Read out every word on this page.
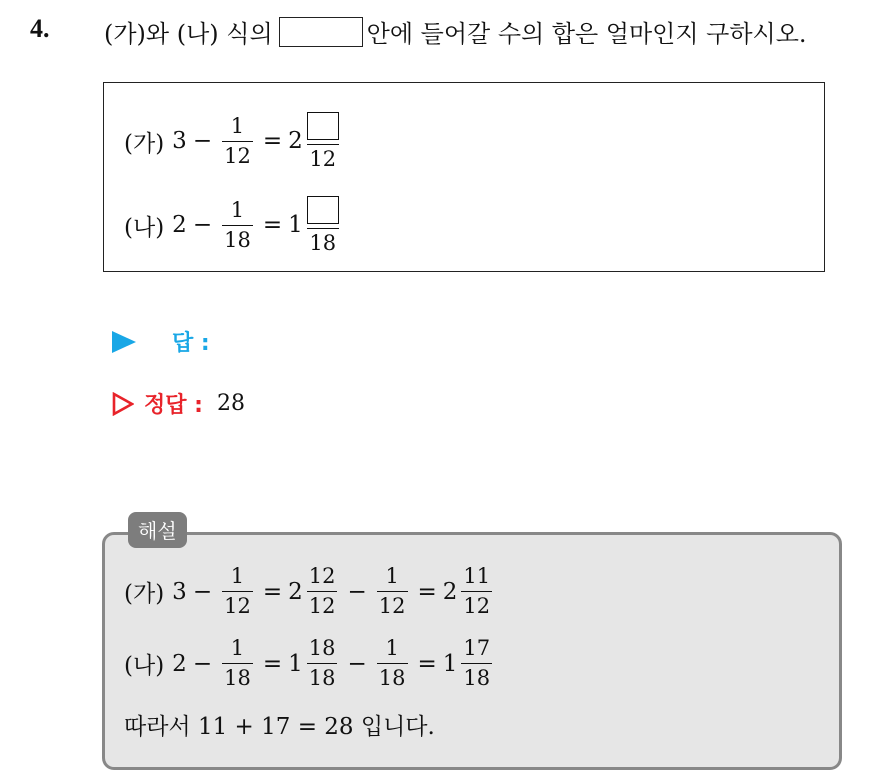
4. (가)와 (나) 식의	안에 들어갈 수의 합은 얼마인지 구하시오.
(가) $3 - \frac{1}{12} = 2$
12
(나) $2 - \frac{1}{18} = 1$
18
답 :
정답 : 28
해설
(가) $3 - \frac{1}{12} = 2 \frac{12}{12} - \frac{1}{12} = 2 \frac{11}{12}$
(나) $2 - \frac{1}{18} = 1 \frac{18}{18} - \frac{1}{18} = 1 \frac{17}{18}$
따라서 11 + 17 = 28 입니다.
